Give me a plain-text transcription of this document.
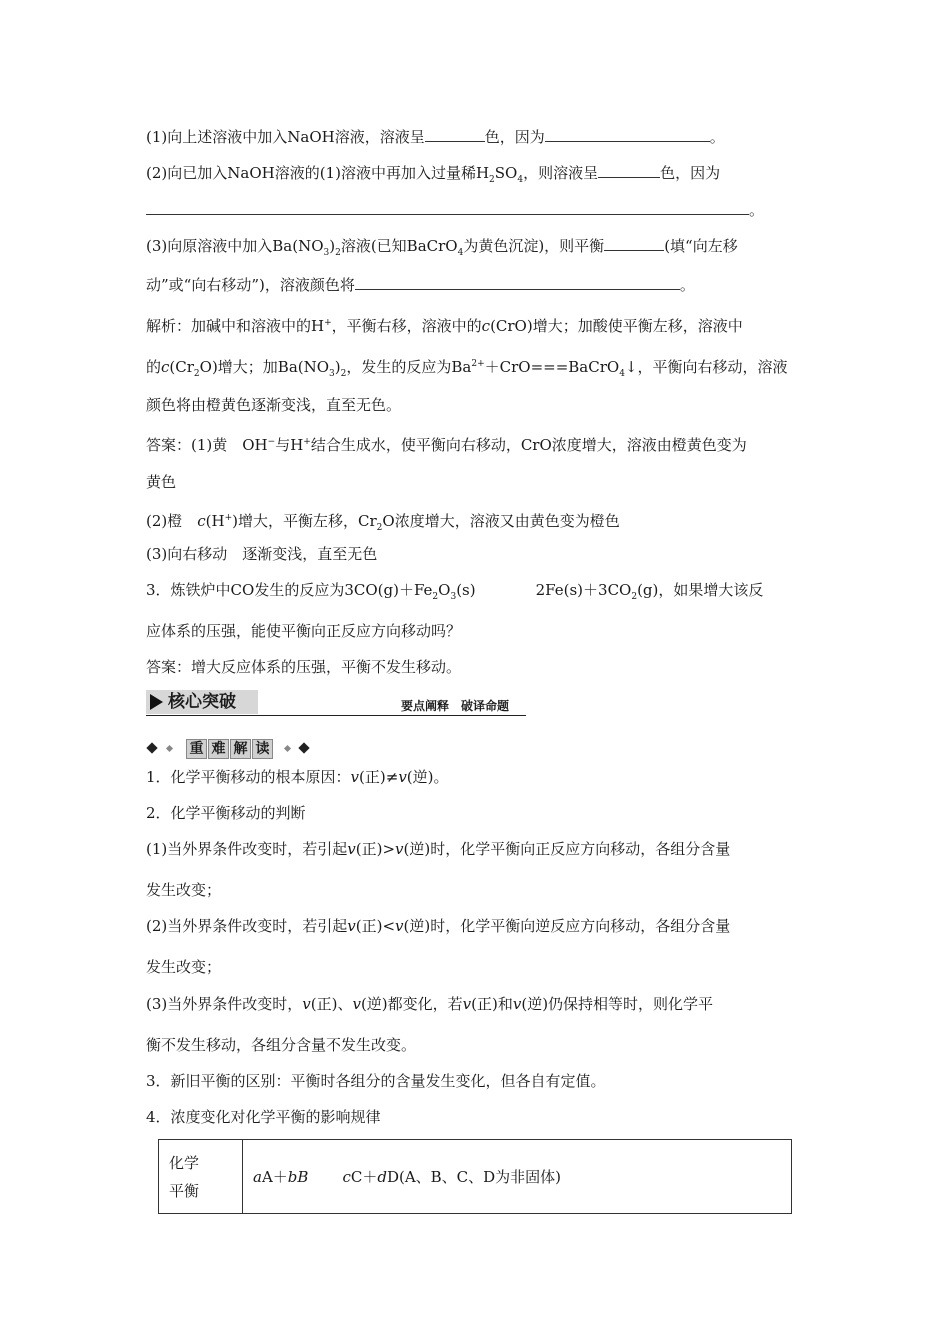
(1)向上述溶液中加入NaOH溶液，溶液呈	色，因为	。
(2)向已加入NaOH溶液的(1)溶液中再加入过量稀$H_2SO_4$，则溶液呈	色，因为
。
(3)向原溶液中加入$Ba(NO_3)_2$溶液(已知BaCrO$_4$为黄色沉淀)，则平衡	(填“向左移
动”或“向右移动”)，溶液颜色将	。
解析：加碱中和溶液中的H+，平衡右移，溶液中的c(CrO)增大；加酸使平衡左移，溶液中
的$c(Cr_2O)$增大；加$Ba(NO_3)_2$，发生的反应为$Ba^{2+}+CrO===BaCrO_4↓$，平衡向右移动，溶液
颜色将由橙黄色逐渐变浅，直至无色。
答案：(1)黄　OH−与H+结合生成水，使平衡向右移动，CrO浓度增大，溶液由橙黄色变为
黄色
(2)橙　c(H+)增大，平衡左移，$Cr_2O$浓度增大，溶液又由黄色变为橙色
(3)向右移动　逐渐变浅，直至无色
3．炼铁炉中CO发生的反应为$3CO(g)+Fe_2O_3(s)$	$2Fe(s)+3CO_2(g)$，如果增大该反
应体系的压强，能使平衡向正反应方向移动吗？
答案：增大反应体系的压强，平衡不发生移动。
核心突破	要点阐释　破译命题
重 难 解 读
1．化学平衡移动的根本原因：v(正)≠v(逆)。
2．化学平衡移动的判断
(1)当外界条件改变时，若引起v(正)>v(逆)时，化学平衡向正反应方向移动，各组分含量
发生改变；
(2)当外界条件改变时，若引起v(正)<v(逆)时，化学平衡向逆反应方向移动，各组分含量
发生改变；
(3)当外界条件改变时，v(正)、v(逆)都变化，若v(正)和v(逆)仍保持相等时，则化学平
衡不发生移动，各组分含量不发生改变。
3．新旧平衡的区别：平衡时各组分的含量发生变化，但各自有定值。
4．浓度变化对化学平衡的影响规律
化学
平衡
	aA＋bB cC＋dD(A、B、C、D为非固体)
